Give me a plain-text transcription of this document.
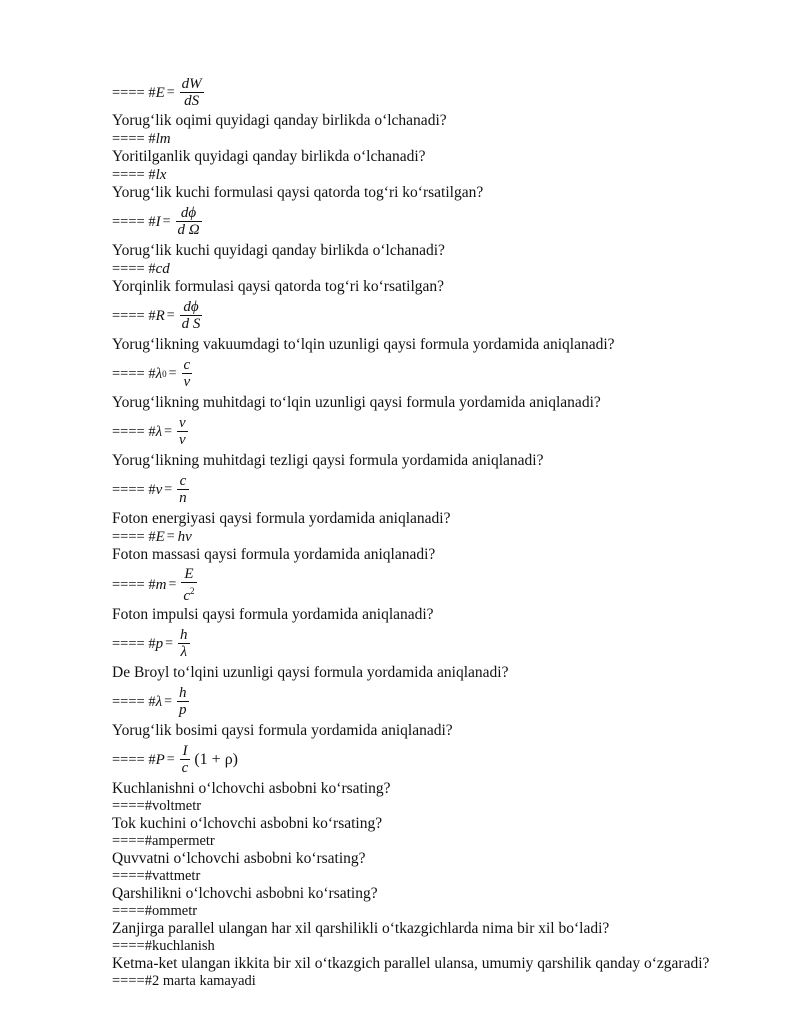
==== # $E = \frac{dW}{dS}$
Yorug‘lik oqimi quyidagi qanday birlikda o‘lchanadi?
==== # lm
Yoritilganlik quyidagi qanday birlikda o‘lchanadi?
==== # lx
Yorug‘lik kuchi formulasi qaysi qatorda tog‘ri ko‘rsatilgan?
==== # $I = \frac{d\phi}{\text{d Ω}}$
Yorug‘lik kuchi quyidagi qanday birlikda o‘lchanadi?
==== # cd
Yorqinlik formulasi qaysi qatorda tog‘ri ko‘rsatilgan?
==== # $R = \frac{d\phi}{\text{d S}}$
Yorug‘likning vakuumdagi to‘lqin uzunligi qaysi formula yordamida aniqlanadi?
==== # λ $0 = \frac{c}{\nu}$
Yorug‘likning muhitdagi to‘lqin uzunligi qaysi formula yordamida aniqlanadi?
==== # $\lambda = \frac{v}{\nu}$
Yorug‘likning muhitdagi tezligi qaysi formula yordamida aniqlanadi?
==== # $v = \frac{c}{n}$
Foton energiyasi qaysi formula yordamida aniqlanadi?
==== # E = hν
Foton massasi qaysi formula yordamida aniqlanadi?
==== # $m = \frac{E}{c^2}$
Foton impulsi qaysi formula yordamida aniqlanadi?
==== # $p = \frac{h}{\lambda}$
De Broyl to‘lqini uzunligi qaysi formula yordamida aniqlanadi?
==== # $\lambda = \frac{h}{p}$
Yorug‘lik bosimi qaysi formula yordamida aniqlanadi?
==== # $P = \frac{I}{c} (1 + \rho)$
Kuchlanishni o‘lchovchi asbobni ko‘rsating?
====#voltmetr
Tok kuchini o‘lchovchi asbobni ko‘rsating?
====#ampermetr
Quvvatni o‘lchovchi asbobni ko‘rsating?
====#vattmetr
Qarshilikni o‘lchovchi asbobni ko‘rsating?
====#ommetr
Zanjirga parallel ulangan har xil qarshilikli o‘tkazgichlarda nima bir xil bo‘ladi?
====#kuchlanish
Ketma-ket ulangan ikkita bir xil o‘tkazgich parallel ulansa, umumiy qarshilik qanday o‘zgaradi?
====#2 marta kamayadi
